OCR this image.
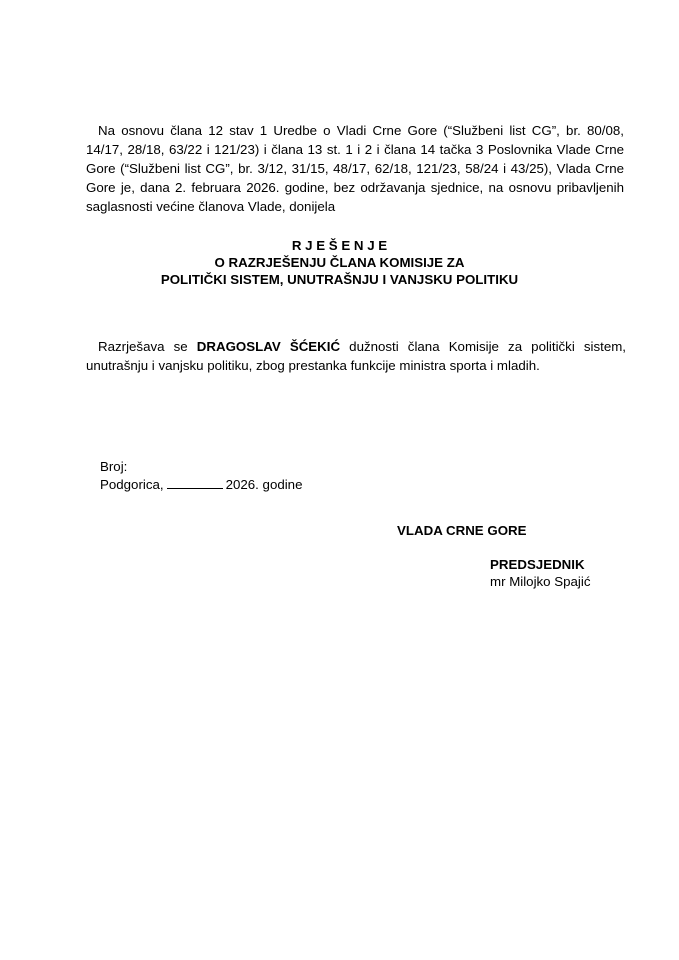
Na osnovu člana 12 stav 1 Uredbe o Vladi Crne Gore (“Službeni list CG”, br. 80/08, 14/17, 28/18, 63/22 i 121/23) i člana 13 st. 1 i 2 i člana 14 tačka 3 Poslovnika Vlade Crne Gore (“Službeni list CG”, br. 3/12, 31/15, 48/17, 62/18, 121/23, 58/24 i 43/25), Vlada Crne Gore je, dana 2. februara 2026. godine, bez održavanja sjednice, na osnovu pribavljenih saglasnosti većine članova Vlade, donijela

R J E Š E N J E
O RAZRJEŠENJU ČLANA KOMISIJE ZA
POLITIČKI SISTEM, UNUTRAŠNJU I VANJSKU POLITIKU

Razrješava se DRAGOSLAV ŠĆEKIĆ dužnosti člana Komisije za politički sistem, unutrašnju i vanjsku politiku, zbog prestanka funkcije ministra sporta i mladih.

Broj:
Podgorica,	2026. godine
VLADA CRNE GORE
PREDSJEDNIK
mr Milojko Spajić
